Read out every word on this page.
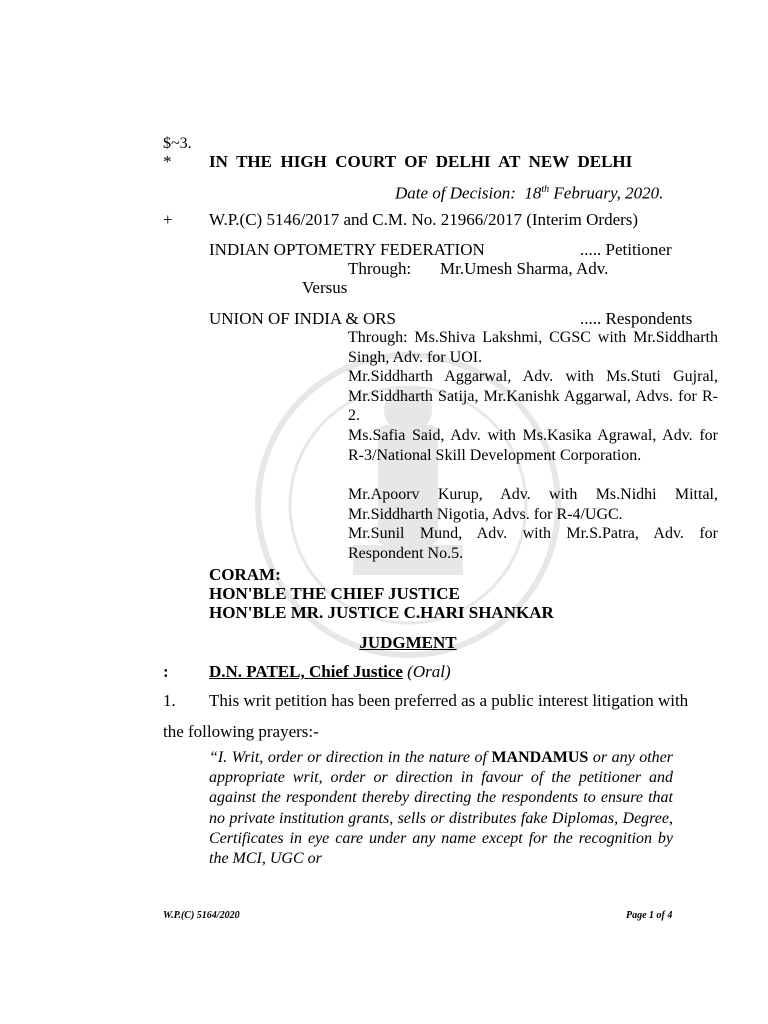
$~3.
* IN  THE  HIGH  COURT  OF  DELHI  AT  NEW  DELHI
Date of Decision:  18th February, 2020.
+ W.P.(C) 5146/2017 and C.M. No. 21966/2017 (Interim Orders)
INDIAN OPTOMETRY FEDERATION	..... Petitioner
Through: Mr.Umesh Sharma, Adv.
Versus
UNION OF INDIA & ORS	..... Respondents
Through: Ms.Shiva Lakshmi, CGSC with Mr.Siddharth Singh, Adv. for UOI.
Mr.Siddharth Aggarwal, Adv. with Ms.Stuti Gujral, Mr.Siddharth Satija, Mr.Kanishk Aggarwal, Advs. for R-2.
Ms.Safia Said, Adv. with Ms.Kasika Agrawal, Adv. for R-3/National Skill Development Corporation.
Mr.Apoorv Kurup, Adv. with Ms.Nidhi Mittal, Mr.Siddharth Nigotia, Advs. for R-4/UGC.
Mr.Sunil Mund, Adv. with Mr.S.Patra, Adv. for Respondent No.5.
CORAM:
HON'BLE THE CHIEF JUSTICE
HON'BLE MR. JUSTICE C.HARI SHANKAR
JUDGMENT
: D.N. PATEL, Chief Justice (Oral)
1. This writ petition has been preferred as a public interest litigation with
the following prayers:-
“I. Writ, order or direction in the nature of MANDAMUS or any other appropriate writ, order or direction in favour of the petitioner and against the respondent thereby directing the respondents to ensure that no private institution grants, sells or distributes fake Diplomas, Degree, Certificates in eye care under any name except for the recognition by the MCI, UGC or
W.P.(C) 5164/2020	Page 1 of 4
